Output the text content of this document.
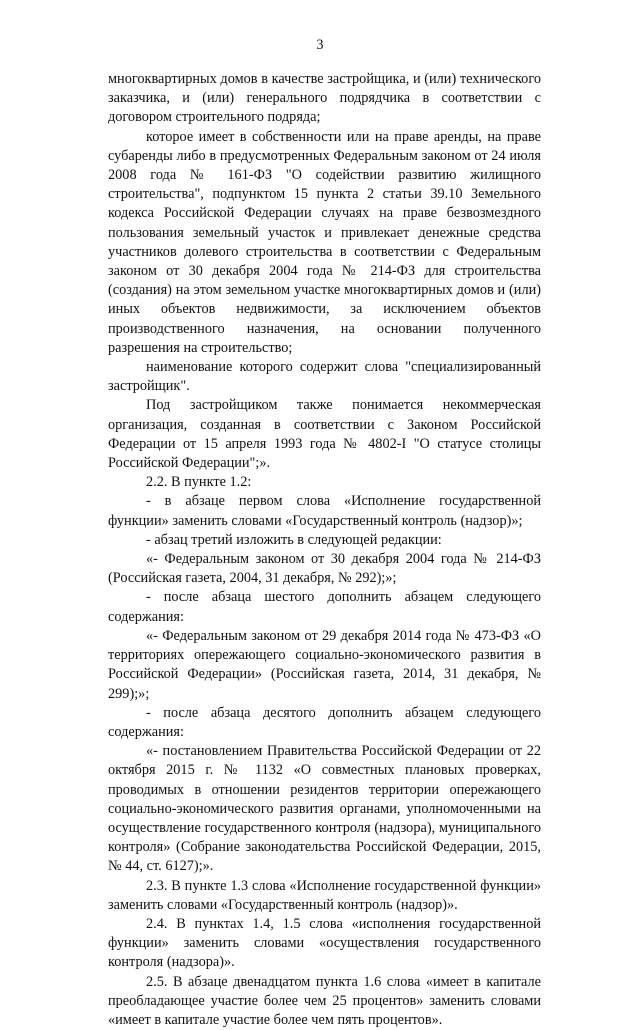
3

многоквартирных домов в качестве застройщика, и (или) технического заказчика, и (или) генерального подрядчика в соответствии с договором строительного подряда;

которое имеет в собственности или на праве аренды, на праве субаренды либо в предусмотренных Федеральным законом от 24 июля 2008 года № 161-ФЗ "О содействии развитию жилищного строительства", подпунктом 15 пункта 2 статьи 39.10 Земельного кодекса Российской Федерации случаях на праве безвозмездного пользования земельный участок и привлекает денежные средства участников долевого строительства в соответствии с Федеральным законом от 30 декабря 2004 года № 214-ФЗ для строительства (создания) на этом земельном участке многоквартирных домов и (или) иных объектов недвижимости, за исключением объектов производственного назначения, на основании полученного разрешения на строительство;

наименование которого содержит слова "специализированный застройщик".

Под застройщиком также понимается некоммерческая организация, созданная в соответствии с Законом Российской Федерации от 15 апреля 1993 года № 4802-I "О статусе столицы Российской Федерации";».

2.2. В пункте 1.2:

- в абзаце первом слова «Исполнение государственной функции» заменить словами «Государственный контроль (надзор)»;

- абзац третий изложить в следующей редакции:

«- Федеральным законом от 30 декабря 2004 года № 214-ФЗ (Российская газета, 2004, 31 декабря, № 292);»;

- после абзаца шестого дополнить абзацем следующего содержания:

«- Федеральным законом от 29 декабря 2014 года № 473-ФЗ «О территориях опережающего социально-экономического развития в Российской Федерации» (Российская газета, 2014, 31 декабря, № 299);»;

- после абзаца десятого дополнить абзацем следующего содержания:

«- постановлением Правительства Российской Федерации от 22 октября 2015 г. № 1132 «О совместных плановых проверках, проводимых в отношении резидентов территории опережающего социально-экономического развития органами, уполномоченными на осуществление государственного контроля (надзора), муниципального контроля» (Собрание законодательства Российской Федерации, 2015, № 44, ст. 6127);».

2.3. В пункте 1.3 слова «Исполнение государственной функции» заменить словами «Государственный контроль (надзор)».

2.4. В пунктах 1.4, 1.5 слова «исполнения государственной функции» заменить словами «осуществления государственного контроля (надзора)».

2.5. В абзаце двенадцатом пункта 1.6 слова «имеет в капитале преобладающее участие более чем 25 процентов» заменить словами «имеет в капитале участие более чем пять процентов».
